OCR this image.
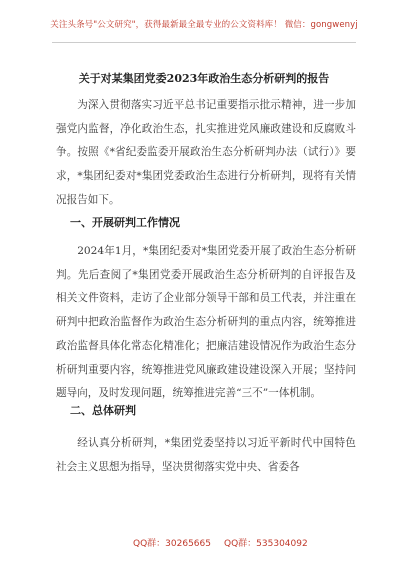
关注头条号"公文研究"，获得最新最全最专业的公文资料库！ 微信：gongwenyj
关于对某集团党委2023年政治生态分析研判的报告

为深入贯彻落实习近平总书记重要指示批示精神，进一步加强党内监督，净化政治生态，扎实推进党风廉政建设和反腐败斗争。按照《*省纪委监委开展政治生态分析研判办法（试行）》要求，*集团纪委对*集团党委政治生态进行分析研判，现将有关情况报告如下。

一、开展研判工作情况

2024年1月，*集团纪委对*集团党委开展了政治生态分析研判。先后查阅了*集团党委开展政治生态分析研判的自评报告及相关文件资料，走访了企业部分领导干部和员工代表，并注重在研判中把政治监督作为政治生态分析研判的重点内容，统筹推进政治监督具体化常态化精准化；把廉洁建设情况作为政治生态分析研判重要内容，统筹推进党风廉政建设建设深入开展；坚持问题导向，及时发现问题，统筹推进完善“三不”一体机制。

二、总体研判

经认真分析研判，*集团党委坚持以习近平新时代中国特色社会主义思想为指导，坚决贯彻落实党中央、省委各

QQ群：30265665 QQ群：535304092
